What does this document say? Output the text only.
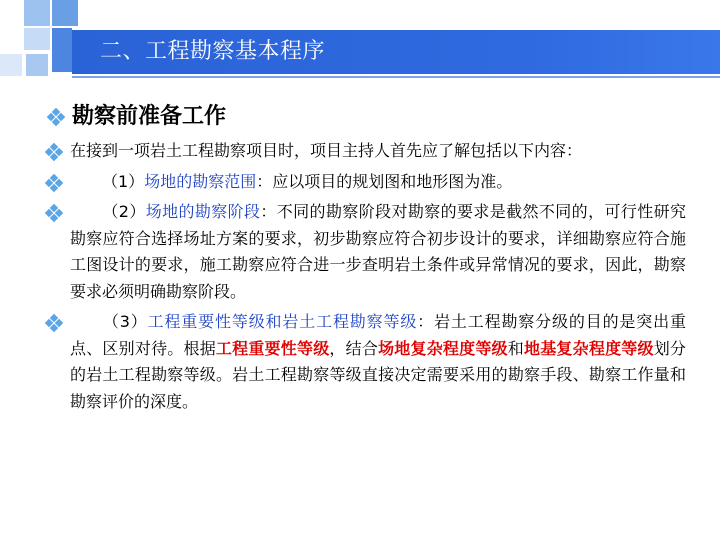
二、工程勘察基本程序
勘察前准备工作
在接到一项岩土工程勘察项目时，项目主持人首先应了解包括以下内容：
（1）场地的勘察范围：应以项目的规划图和地形图为准。
（2）场地的勘察阶段：不同的勘察阶段对勘察的要求是截然不同的，可行性研究勘察应符合选择场址方案的要求，初步勘察应符合初步设计的要求，详细勘察应符合施工图设计的要求，施工勘察应符合进一步查明岩土条件或异常情况的要求，因此，勘察要求必须明确勘察阶段。
（3）工程重要性等级和岩土工程勘察等级：岩土工程勘察分级的目的是突出重点、区别对待。根据工程重要性等级，结合场地复杂程度等级和地基复杂程度等级划分的岩土工程勘察等级。岩土工程勘察等级直接决定需要采用的勘察手段、勘察工作量和勘察评价的深度。
